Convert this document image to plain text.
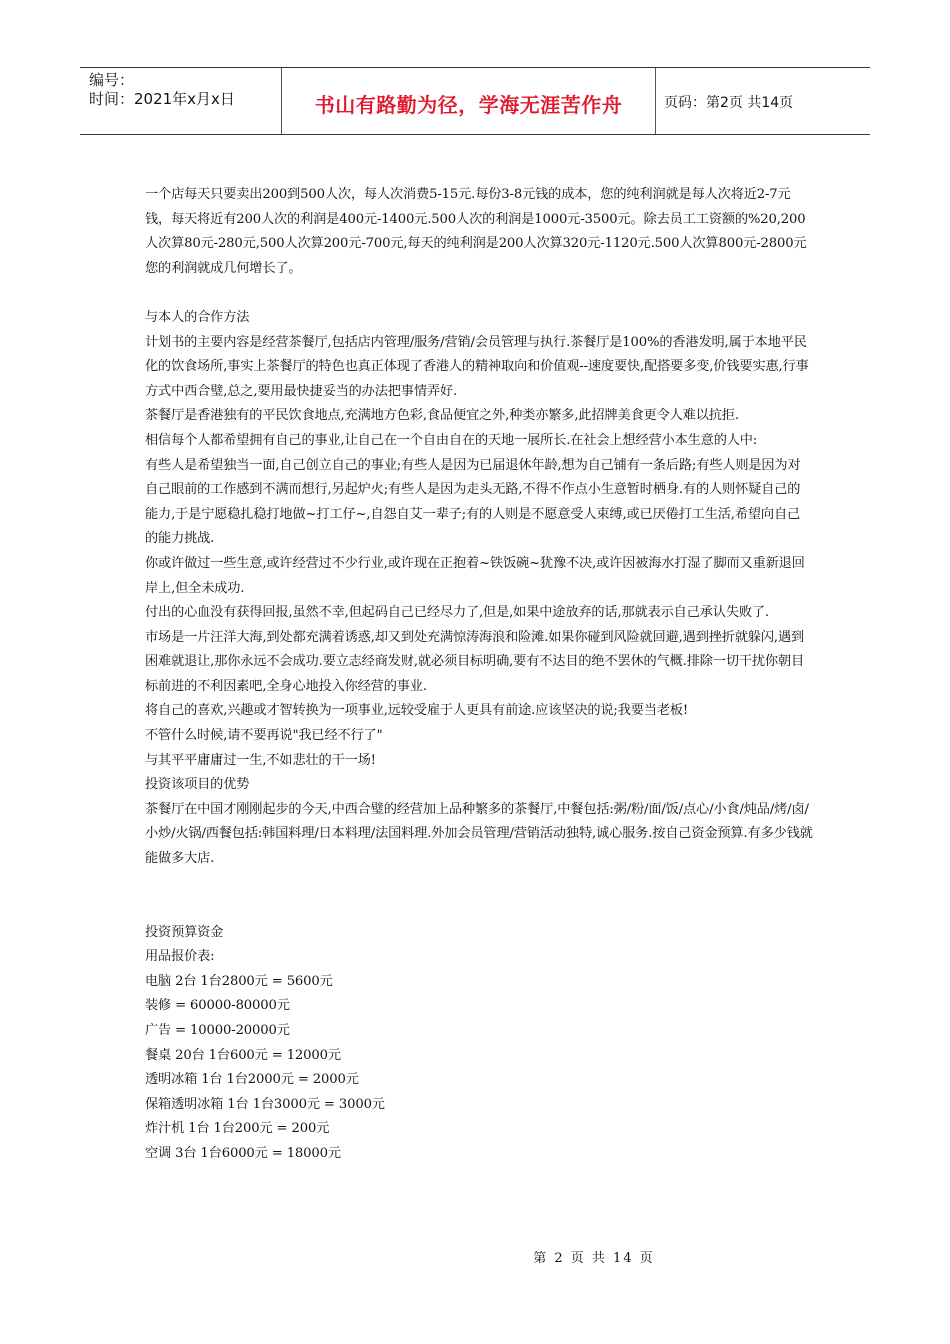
编号：
时间：2021年x月x日	书山有路勤为径，学海无涯苦作舟	页码：第2页 共14页

一个店每天只要卖出200到500人次，每人次消费5-15元.每份3-8元钱的成本，您的纯利润就是每人次将近2-7元钱，每天将近有200人次的利润是400元-1400元.500人次的利润是1000元-3500元。除去员工工资额的%20,200人次算80元-280元,500人次算200元-700元,每天的纯利润是200人次算320元-1120元.500人次算800元-2800元您的利润就成几何增长了。

与本人的合作方法

计划书的主要内容是经营茶餐厅,包括店内管理/服务/营销/会员管理与执行.茶餐厅是100%的香港发明,属于本地平民化的饮食场所,事实上茶餐厅的特色也真正体现了香港人的精神取向和价值观--速度要快,配搭要多变,价钱要实惠,行事方式中西合璧,总之,要用最快捷妥当的办法把事情弄好.

茶餐厅是香港独有的平民饮食地点,充满地方色彩,食品便宜之外,种类亦繁多,此招牌美食更令人难以抗拒.

相信每个人都希望拥有自己的事业,让自己在一个自由自在的天地一展所长.在社会上想经营小本生意的人中:

有些人是希望独当一面,自己创立自己的事业;有些人是因为已届退休年龄,想为自己铺有一条后路;有些人则是因为对自己眼前的工作感到不满而想行,另起炉火;有些人是因为走头无路,不得不作点小生意暂时栖身.有的人则怀疑自己的能力,于是宁愿稳扎稳打地做~打工仔~,自怨自艾一辈子;有的人则是不愿意受人束缚,或已厌倦打工生活,希望向自己的能力挑战.

你或许做过一些生意,或许经营过不少行业,或许现在正抱着~铁饭碗~犹豫不决,或许因被海水打湿了脚而又重新退回岸上,但全未成功.

付出的心血没有获得回报,虽然不幸,但起码自己已经尽力了,但是,如果中途放弃的话,那就表示自己承认失败了.

市场是一片汪洋大海,到处都充满着诱惑,却又到处充满惊涛海浪和险滩.如果你碰到风险就回避,遇到挫折就躲闪,遇到困难就退让,那你永远不会成功.要立志经商发财,就必须目标明确,要有不达目的绝不罢休的气概.排除一切干扰你朝目标前进的不利因素吧,全身心地投入你经营的事业.

将自己的喜欢,兴趣或才智转换为一项事业,远较受雇于人更具有前途.应该坚决的说;我要当老板!

不管什么时候,请不要再说"我已经不行了"

与其平平庸庸过一生,不如悲壮的干一场!

投资该项目的优势

茶餐厅在中国才刚刚起步的今天,中西合璧的经营加上品种繁多的茶餐厅,中餐包括:粥/粉/面/饭/点心/小食/炖品/烤/卤/小炒/火锅/西餐包括:韩国料理/日本料理/法国料理.外加会员管理/营销活动独特,诚心服务.按自己资金预算.有多少钱就能做多大店.

投资预算资金

用品报价表:

电脑 2台 1台2800元 = 5600元

装修 = 60000-80000元

广告 = 10000-20000元

餐桌 20台 1台600元 = 12000元

透明冰箱 1台 1台2000元 = 2000元

保箱透明冰箱 1台 1台3000元 = 3000元

炸汁机 1台 1台200元 = 200元

空调 3台 1台6000元 = 18000元

第 2 页 共 14 页
